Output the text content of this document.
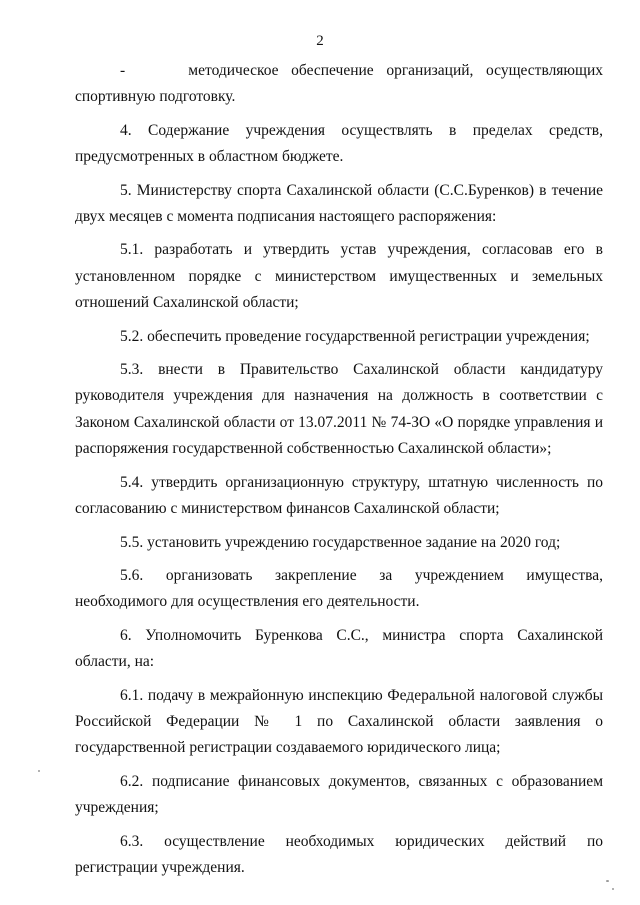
2

-     методическое обеспечение организаций, осуществляющих спортивную подготовку.

4. Содержание учреждения осуществлять в пределах средств, предусмотренных в областном бюджете.

5. Министерству спорта Сахалинской области (С.С.Буренков) в течение двух месяцев с момента подписания настоящего распоряжения:

5.1. разработать и утвердить устав учреждения, согласовав его в установленном порядке с министерством имущественных и земельных отношений Сахалинской области;

5.2. обеспечить проведение государственной регистрации учреждения;

5.3. внести в Правительство Сахалинской области кандидатуру руководителя учреждения для назначения на должность в соответствии с Законом Сахалинской области от 13.07.2011 № 74-ЗО «О порядке управления и распоряжения государственной собственностью Сахалинской области»;

5.4. утвердить организационную структуру, штатную численность по согласованию с министерством финансов Сахалинской области;

5.5. установить учреждению государственное задание на 2020 год;

5.6. организовать закрепление за учреждением имущества, необходимого для осуществления его деятельности.

6. Уполномочить Буренкова С.С., министра спорта Сахалинской области, на:

6.1. подачу в межрайонную инспекцию Федеральной налоговой службы Российской Федерации № 1 по Сахалинской области заявления о государственной регистрации создаваемого юридического лица;

6.2. подписание финансовых документов, связанных с образованием учреждения;

6.3. осуществление необходимых юридических действий по регистрации учреждения.
